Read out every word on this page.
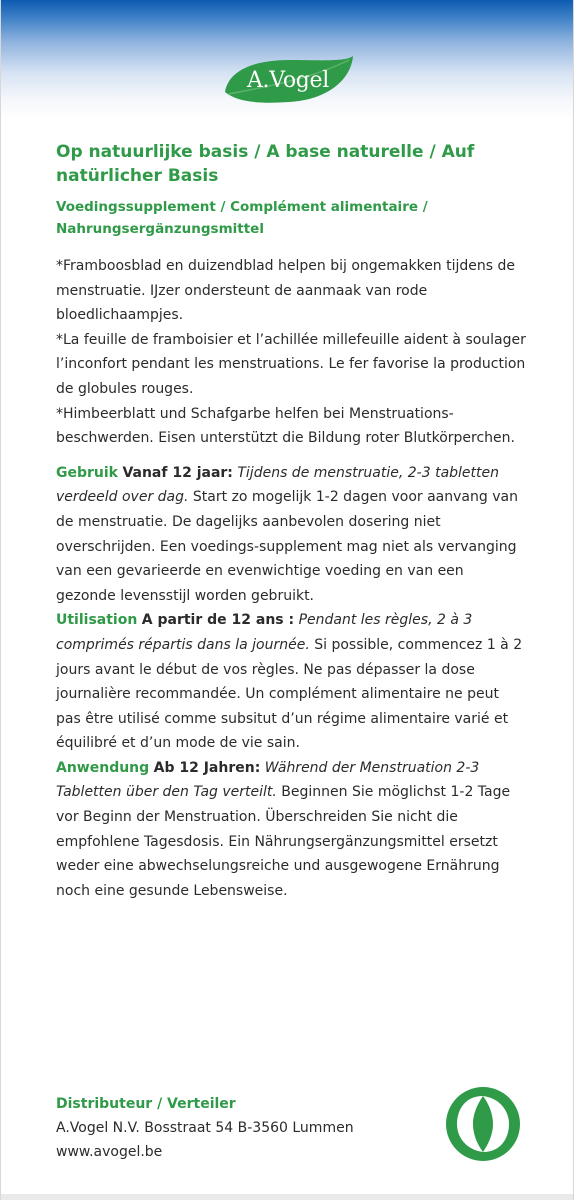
A.Vogel
Op natuurlijke basis / A base naturelle / Auf natürlicher Basis
Voedingssupplement / Complément alimentaire / Nahrungsergänzungsmittel
*Framboosblad en duizendblad helpen bij ongemakken tijdens de menstruatie. IJzer ondersteunt de aanmaak van rode bloedlichaampjes.
*La feuille de framboisier et l’achillée millefeuille aident à soulager l’inconfort pendant les menstruations. Le fer favorise la production de globules rouges.
*Himbeerblatt und Schafgarbe helfen bei Menstruations-beschwerden. Eisen unterstützt die Bildung roter Blutkörperchen.
Gebruik Vanaf 12 jaar: Tijdens de menstruatie, 2-3 tabletten verdeeld over dag. Start zo mogelijk 1-2 dagen voor aanvang van de menstruatie. De dagelijks aanbevolen dosering niet overschrijden. Een voedings-supplement mag niet als vervanging van een gevarieerde en evenwichtige voeding en van een gezonde levensstijl worden gebruikt.
Utilisation A partir de 12 ans : Pendant les règles, 2 à 3 comprimés répartis dans la journée. Si possible, commencez 1 à 2 jours avant le début de vos règles. Ne pas dépasser la dose journalière recommandée. Un complément alimentaire ne peut pas être utilisé comme subsitut d’un régime alimentaire varié et équilibré et d’un mode de vie sain.
Anwendung Ab 12 Jahren: Während der Menstruation 2-3 Tabletten über den Tag verteilt. Beginnen Sie möglichst 1-2 Tage vor Beginn der Menstruation. Überschreiden Sie nicht die empfohlene Tagesdosis. Ein Nährungsergänzungsmittel ersetzt weder eine abwechselungsreiche und ausgewogene Ernährung noch eine gesunde Lebensweise.
Distributeur / Verteiler
A.Vogel N.V. Bosstraat 54 B-3560 Lummen
www.avogel.be
